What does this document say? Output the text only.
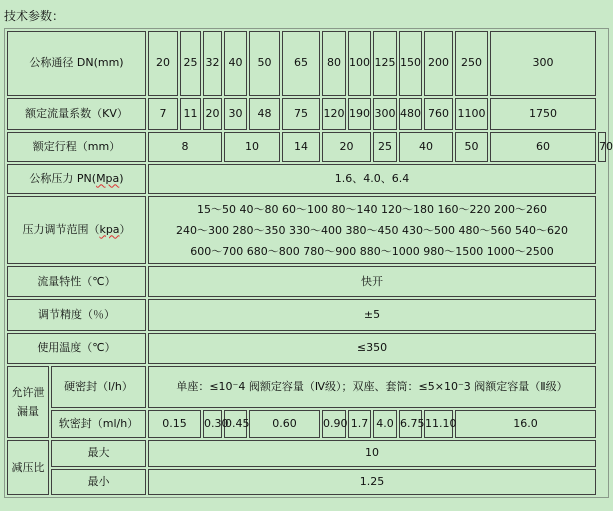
技术参数：
公称通径 DN(mm)		20	25	32	40	50	65	80	100	125	150	200	250	300	
额定流量系数（KV）		7	11	20	30	48	75	120	190	300	480	760	1100	1750	
额定行程（mm）		8			10		14	20		25	40		50	60	70
公称压力 PN(Mpa)		1.6、4.0、6.4													
压力调节范围（kpa）		15～50 40～80 60～100 80～140 120～180 160～220 200～260
240～300 280～350 330～400 380～450 430～500 480～560 540～620
600～700 680～800 780～900 880～1000 980～1500 1000～2500													

流量特性（℃）		快开													
调节精度（％）		±5													
使用温度（℃）		≤350													
允许泄漏量	硬密封（l/h）	单座：≤10⁻4 阀额定容量（Ⅳ级）；双座、套筒：≤5×10⁻3 阀额定容量（Ⅱ级）													
	软密封（ml/h）	0.15		0.30	0.45	0.60		0.90	1.7	4.0	6.75	11.10	16.0		
减压比	最大	10													
	最小	1.25													
